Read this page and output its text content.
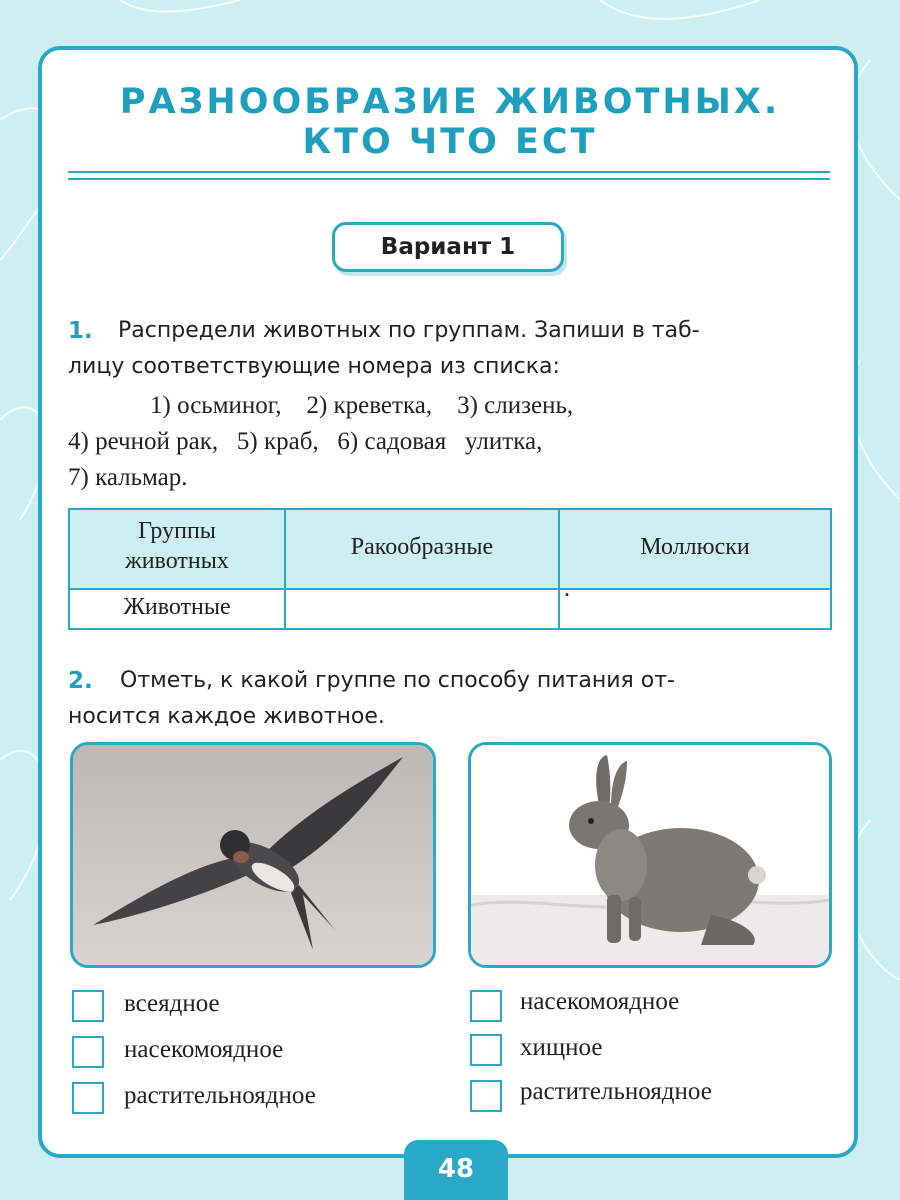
РАЗНООБРАЗИЕ ЖИВОТНЫХ.
КТО ЧТО ЕСТ
Вариант 1
1. Распредели животных по группам. Запиши в таб-
лицу соответствующие номера из списка:
1) осьминог,    2) креветка,    3) слизень,
4) речной рак,   5) краб,   6) садовая   улитка,
7) кальмар.
Группы
животных
Ракообразные	Моллюски
Животные
2. Отметь, к какой группе по способу питания от-
носится каждое животное.
всеядное
насекомоядное
растительноядное
насекомоядное
хищное
растительноядное
48
